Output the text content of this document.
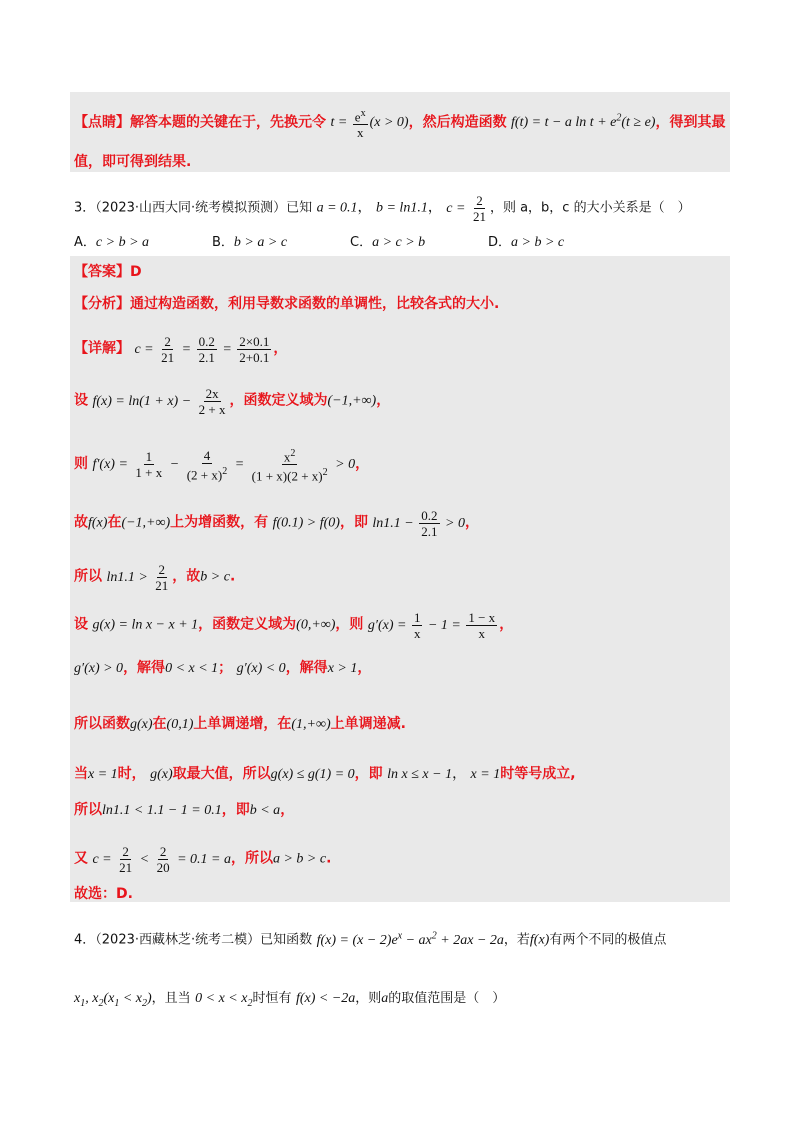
【点睛】解答本题的关键在于，先换元令 $t = \frac{e^x}{x} (x > 0)$，然后构造函数 f(t) = t − a $\ln t + e^2(t \ge e)$，得到其最
值，即可得到结果.
3．（2023·山西大同·统考模拟预测）已知 a = 0.1， b = ln1.1， $c = \frac{2}{21}$ ，则 a，b，c 的大小关系是（　）
A．c > b > a	B．b > a > c	C．a > c > b	D．a > b > c
【答案】D
【分析】通过构造函数，利用导数求函数的单调性，比较各式的大小.
【详解】 $c = \frac{2}{21} = \frac{0.2}{2.1} = \frac{2\times 0.1}{2+0.1}$ ，
设 $f(x) = \ln(1 + x) - \frac{2x}{2 + x}$ ，函数定义域为(−1,+∞)，
则 $f'(x) = \frac{1}{1 + x} - \frac{4}{(2 + x)^2} = \frac{x^2}{(1 + x)(2 + x)^2} > 0$，
故f(x)在(−1,+∞)上为增函数，有 f(0.1) > f(0)，即 $\ln 1.1 - \frac{0.2}{2.1} > 0$，
所以 $\ln 1.1 > \frac{2}{21}$ ，故b > c.
设 g(x) = ln x − x + 1，函数定义域为(0,+∞)，则 $g'(x) = \frac{1}{x} - 1 = \frac{1 - x}{x}$ ，
g′(x) > 0，解得0 < x < 1； g′(x) < 0，解得x > 1，
所以函数g(x)在(0,1)上单调递增，在(1,+∞)上单调递减.
当x = 1时， g(x)取最大值，所以g(x) ≤ g(1) = 0，即 ln x ≤ x − 1， x = 1时等号成立,
所以ln1.1 < 1.1 − 1 = 0.1，即b < a，
又 $c = \frac{2}{21} < \frac{2}{20} = 0.1 = a$，所以a > b > c.
故选：D.
4．（2023·西藏林芝·统考二模）已知函数 $f(x) = (x - 2)e^x - ax^2 + 2ax - 2a$，若f(x)有两个不同的极值点
$x_1$, $x_2(x_1 < x_2)$，且当 $0 < x < x_2$时恒有 f(x) < −2a，则a的取值范围是（　）
